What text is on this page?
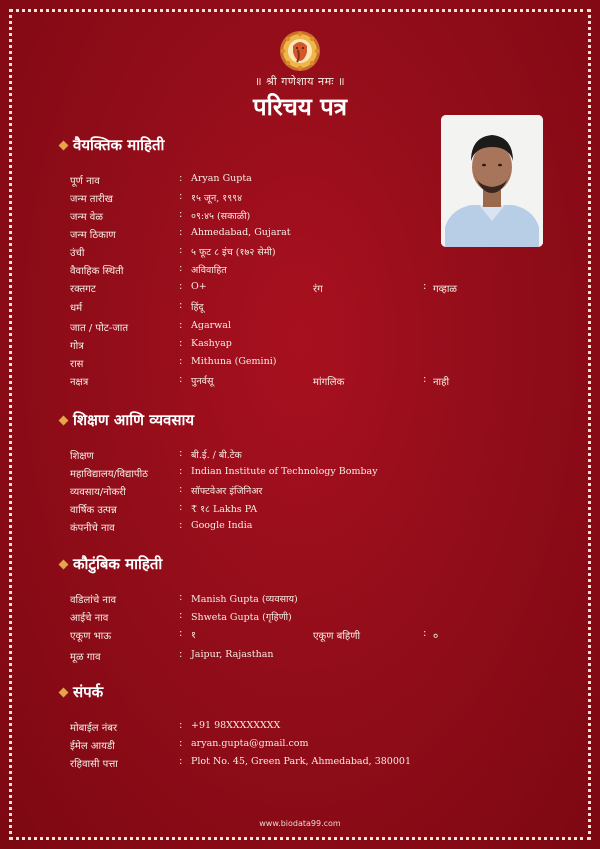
॥ श्री गणेशाय नमः ॥
परिचय पत्र
वैयक्तिक माहिती
पूर्ण नाव	: Aryan Gupta
जन्म तारीख	: १५ जून, १९९४
जन्म वेळ	: ०९:४५ (सकाळी)
जन्म ठिकाण	: Ahmedabad, Gujarat
उंची	: ५ फूट ८ इंच (१७२ सेमी)
वैवाहिक स्थिती	: अविवाहित
रक्तगट	: O+	रंग	: गव्हाळ
धर्म	: हिंदू
जात / पोट-जात	: Agarwal
गोत्र	: Kashyap
रास	: Mithuna (Gemini)
नक्षत्र	: पुनर्वसू	मांगलिक	: नाही
शिक्षण आणि व्यवसाय
शिक्षण	: बी.ई. / बी.टेक
महाविद्यालय/विद्यापीठ	: Indian Institute of Technology Bombay
व्यवसाय/नोकरी	: सॉफ्टवेअर इंजिनिअर
वार्षिक उत्पन्न	: ₹ १८ Lakhs PA
कंपनीचे नाव	: Google India
कौटुंबिक माहिती
वडिलांचे नाव	: Manish Gupta (व्यवसाय)
आईचे नाव	: Shweta Gupta (गृहिणी)
एकूण भाऊ	: १	एकूण बहिणी	: ०
मूळ गाव	: Jaipur, Rajasthan
संपर्क
मोबाईल नंबर	: +91 98XXXXXXXX
ईमेल आयडी	: aryan.gupta@gmail.com
रहिवासी पत्ता	: Plot No. 45, Green Park, Ahmedabad, 380001
www.biodata99.com
